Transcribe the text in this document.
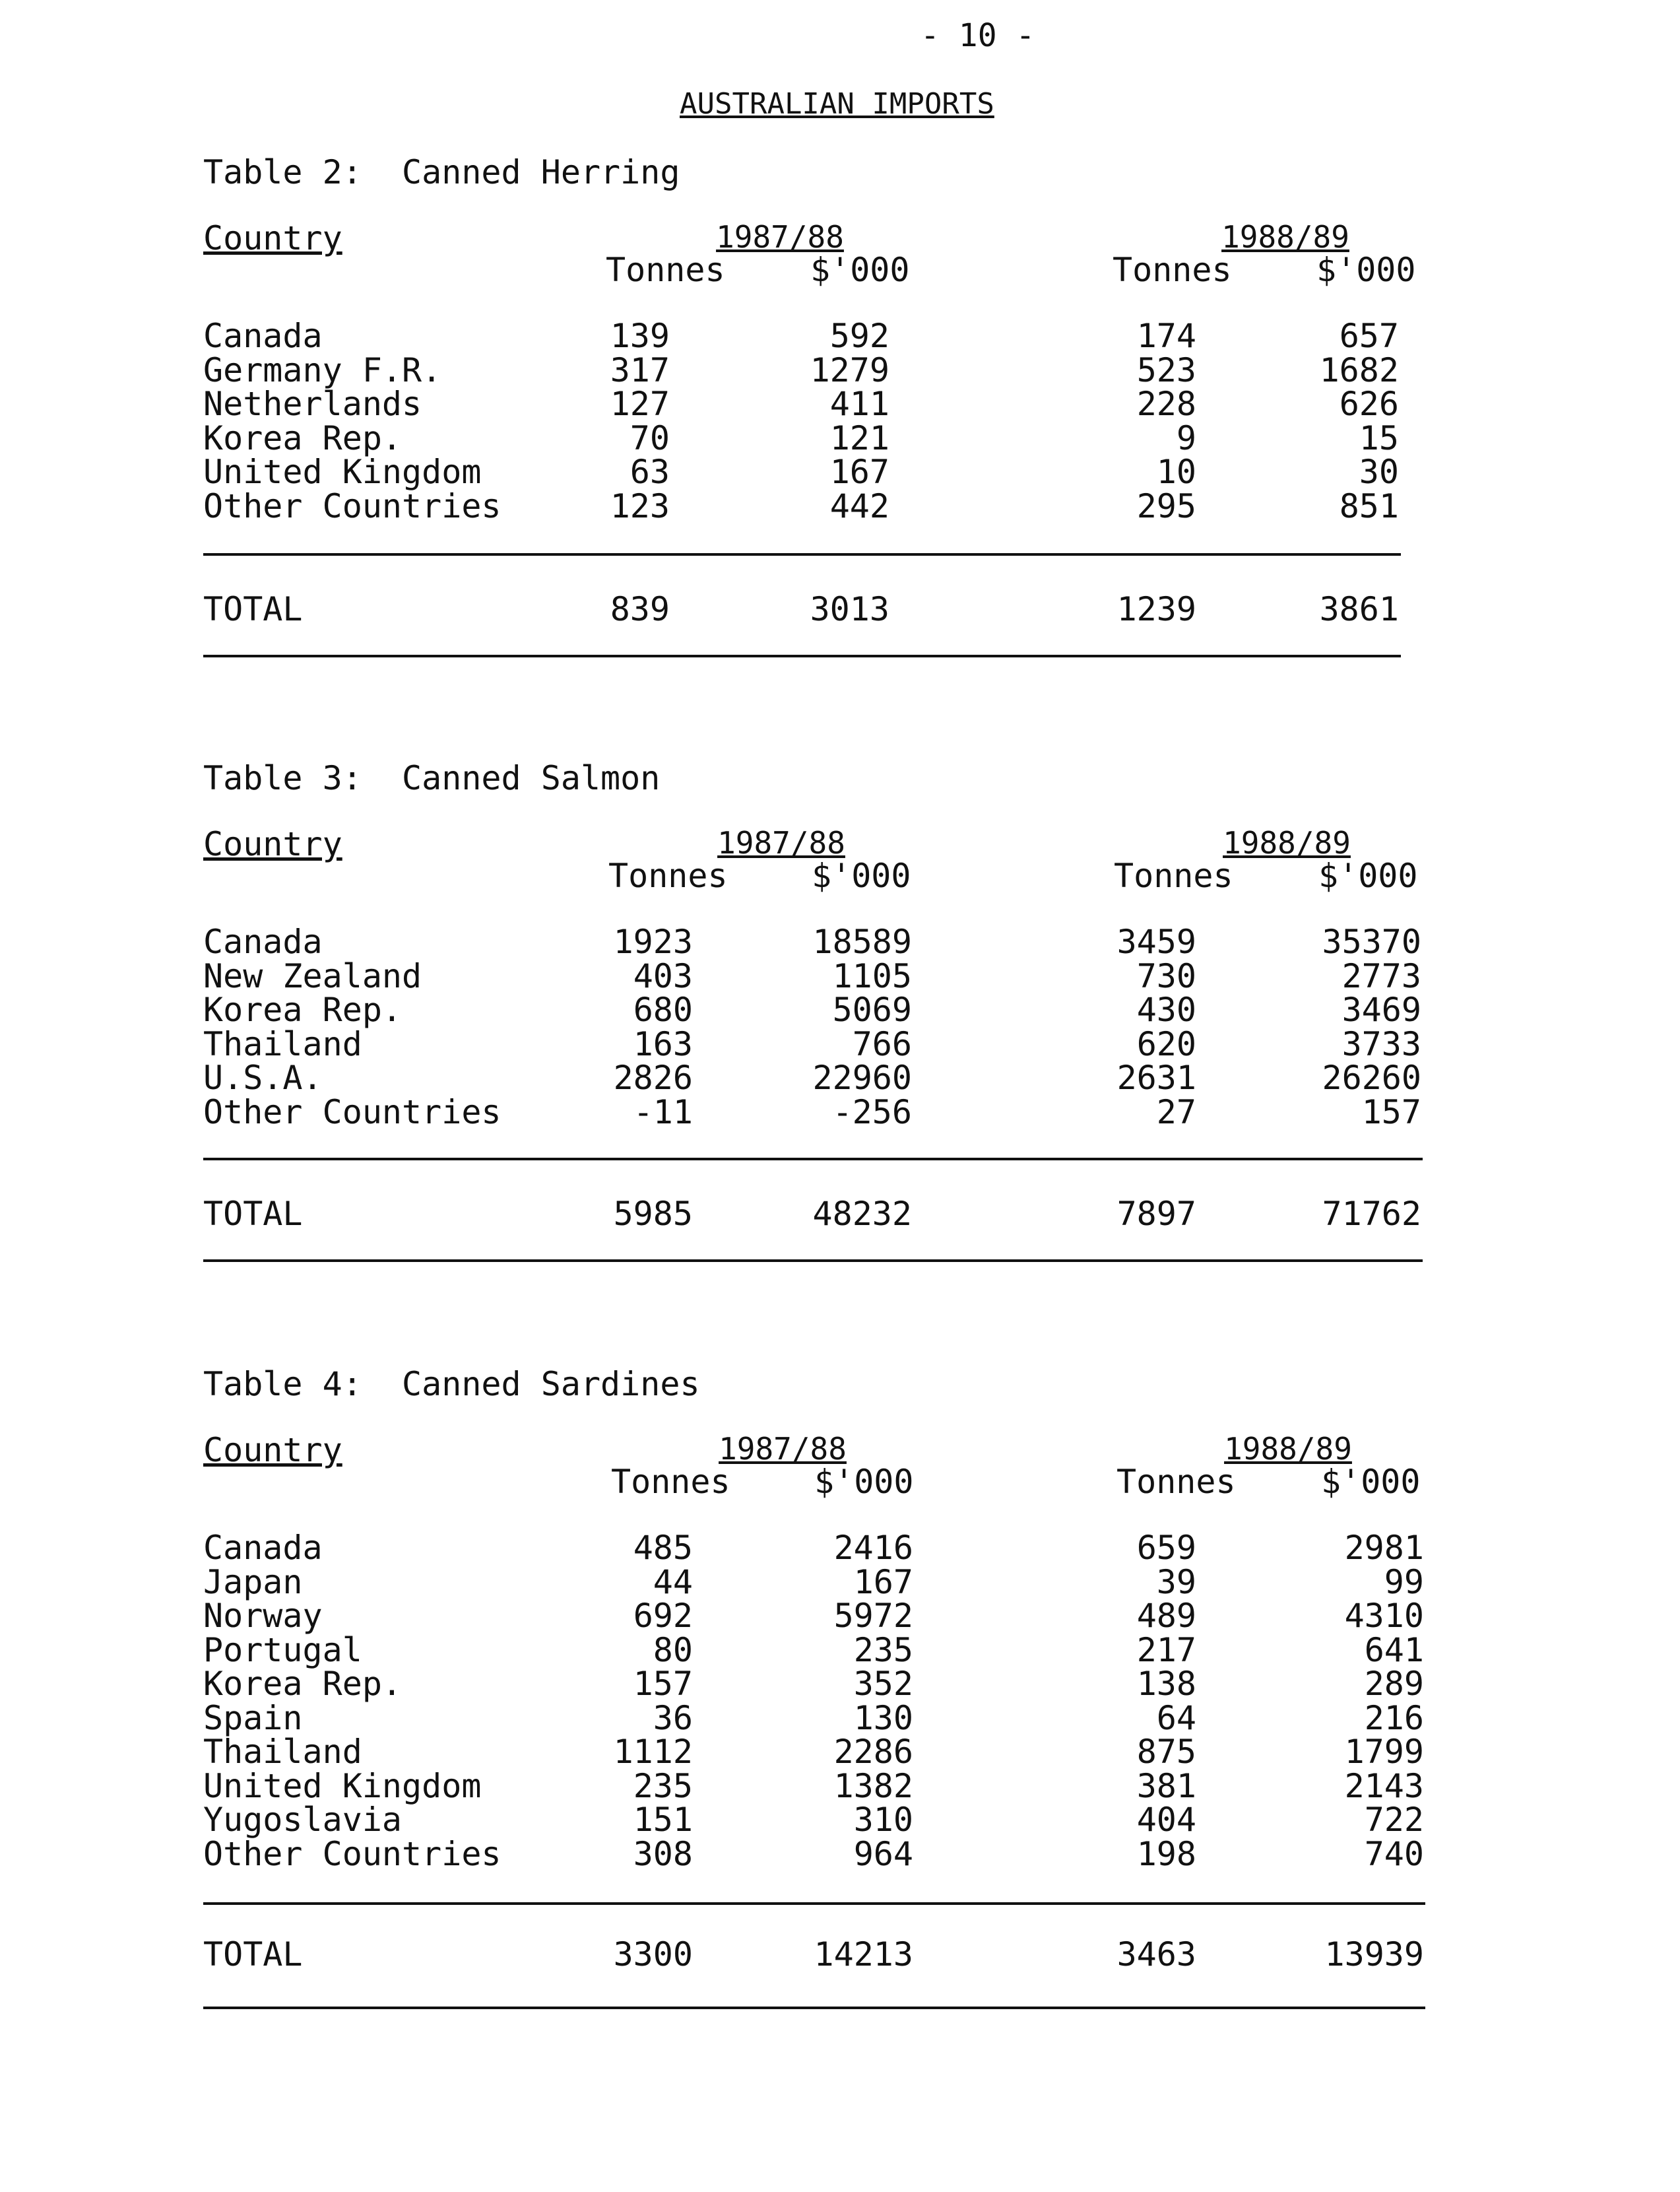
- 10 -
AUSTRALIAN IMPORTS
Table 2:  Canned Herring
Country	1987/88	1988/89
Tonnes	$'000	Tonnes	$'000
Canada	139	592	174	657
Germany F.R.	317	1279	523	1682
Netherlands	127	411	228	626
Korea Rep.	70	121	9	15
United Kingdom	63	167	10	30
Other Countries	123	442	295	851
TOTAL	839	3013	1239	3861
Table 3:  Canned Salmon
Country	1987/88	1988/89
Tonnes	$'000	Tonnes	$'000
Canada	1923	18589	3459	35370
New Zealand	403	1105	730	2773
Korea Rep.	680	5069	430	3469
Thailand	163	766	620	3733
U.S.A.	2826	22960	2631	26260
Other Countries	-11	-256	27	157
TOTAL	5985	48232	7897	71762
Table 4:  Canned Sardines
Country	1987/88	1988/89
Tonnes	$'000	Tonnes	$'000
Canada	485	2416	659	2981
Japan	44	167	39	99
Norway	692	5972	489	4310
Portugal	80	235	217	641
Korea Rep.	157	352	138	289
Spain	36	130	64	216
Thailand	1112	2286	875	1799
United Kingdom	235	1382	381	2143
Yugoslavia	151	310	404	722
Other Countries	308	964	198	740
TOTAL	3300	14213	3463	13939
